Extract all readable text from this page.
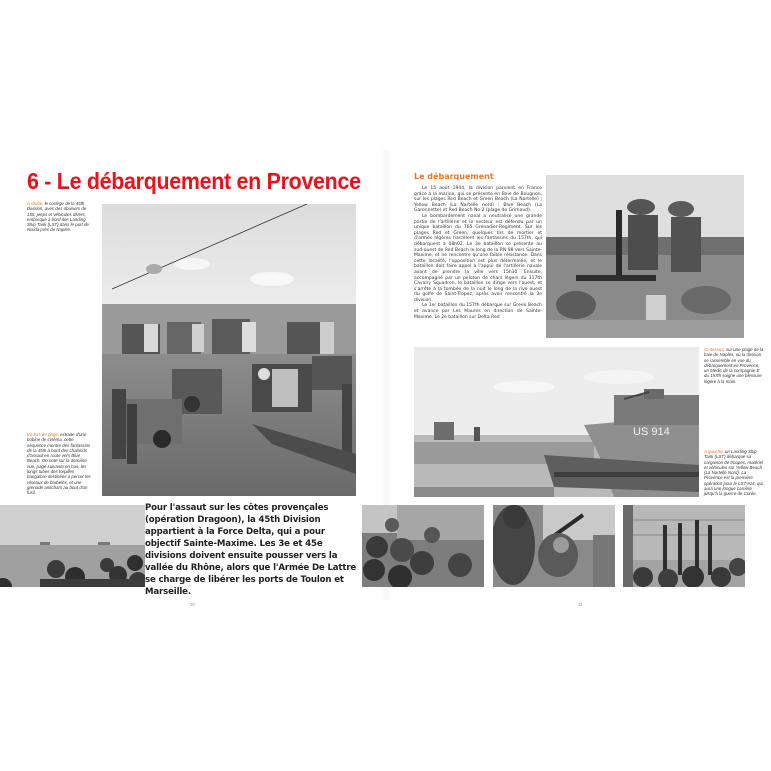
6 - Le débarquement en Provence
À droite, le cortège de la 45th Division, avec des obusiers de 155, jeeps et véhicules divers, embarque à bord des Landing Ship Tank (LST) dans le port de Nisida près de Naples.
En bas de page, extraite d'une bobine de cinéma, cette séquence montre des fantassins de la 45th à bord des chalands d'assaut en route vers Blue Beach. On note sur la dernière vue, page suivante en bas, les longs tubes des torpilles bangalore destinées à percer les réseaux de barbelés, et une grenade antichars au bout d'un fusil.
Pour l'assaut sur les côtes provençales (opération Dragoon), la 45th Division appartient à la Force Delta, qui a pour objectif Sainte-Maxime. Les 3e et 45e divisions doivent ensuite pousser vers la vallée du Rhône, alors que l'Armée De Lattre se charge de libérer les ports de Toulon et Marseille.
30
Le débarquement

Le 15 août 1944, la division parvient en France grâce à la marine, qui se présente en Baie de Bougnon, sur les plages Red Beach et Green Beach (La Nartelle) ; Yellow Beach (La Nartelle nord) ; Blue Beach (La Garonnette) et Red Beach No 2 (plage de Grimaud).

Le bombardement naval a neutralisé une grande partie de l'artillerie et le secteur est défendu par un unique bataillon du 765 Grenadier-Regiment. Sur les plages Red et Green, quelques tirs de mortier et d'armes légères harcèlent les fantassins du 157th, qui débarquent à 08h02. Le 3e bataillon se présente au sud-ouest de Red Beach le long de la RN 98 vers Sainte-Maxime, et ne rencontre qu'une faible résistance. Dans cette localité, l'opposition est plus déterminée, et le bataillon doit faire appel à l'appui de l'artillerie navale avant de prendre la ville vers 15h30. Ensuite, accompagné par un peloton de chars légers du 117th Cavalry Squadron, le bataillon se dirige vers l'ouest, et s'arrête à la tombée de la nuit le long de la rive ouest du golfe de Saint-Tropez, après avoir rencontré la 3e division.

Le 1er bataillon du 157th débarque sur Green Beach et avance par Les Maures en direction de Sainte-Maxime. Le 2e bataillon sur Delta Red

US 914
Ci-dessus, sur une plage de la baie de Naples, où la division se rassemble en vue du débarquement en Provence, un Medic de la compagnie E du 157th soigne une blessure légère à la main.
À gauche, un Landing Ship Tank (LST) débarque sa cargaison de troupes, matériel et véhicules sur Yellow Beach (La Nartelle Nord). La Provence est la première opération pour le LST-914, qui aura une longue carrière jusqu'à la guerre de Corée.
31
